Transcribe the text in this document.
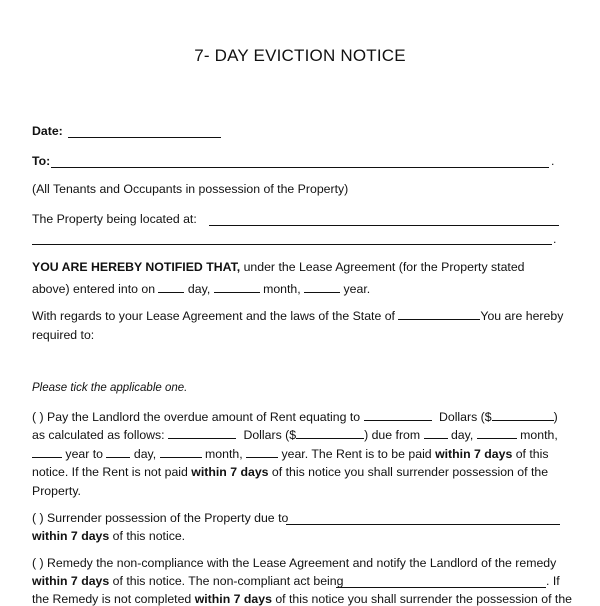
7- DAY EVICTION NOTICE
Date:
To:	.
(All Tenants and Occupants in possession of the Property)
The Property being located at:
.
YOU ARE HEREBY NOTIFIED THAT, under the Lease Agreement (for the Property stated
above) entered into on	day,	month,	year.
With regards to your Lease Agreement and the laws of the State of	You are hereby
required to:
Please tick the applicable one.
( ) Pay the Landlord the overdue amount of Rent equating to	Dollars ($	)
as calculated as follows:	Dollars ($	) due from	day,	month,
year to	day,	month,	year. The Rent is to be paid within 7 days of this
notice. If the Rent is not paid within 7 days of this notice you shall surrender possession of the
Property.
( ) Surrender possession of the Property due to
within 7 days of this notice.
( ) Remedy the non-compliance with the Lease Agreement and notify the Landlord of the remedy
within 7 days of this notice. The non-compliant act being	. If
the Remedy is not completed within 7 days of this notice you shall surrender the possession of the
